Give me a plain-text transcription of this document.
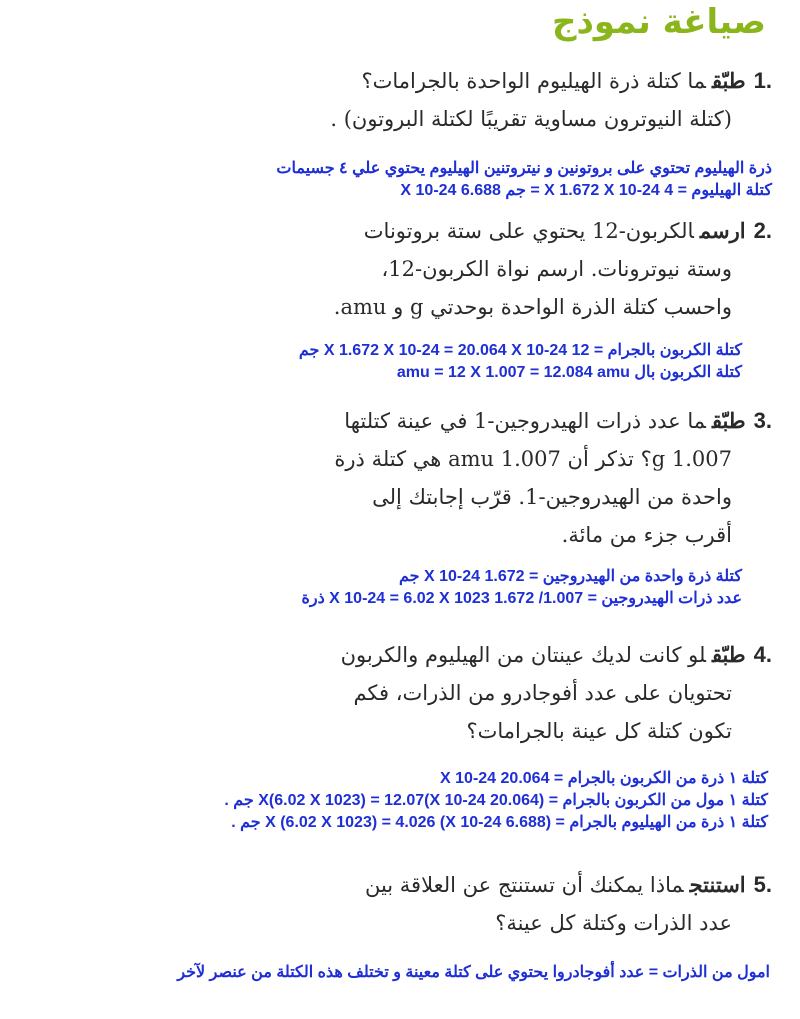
صياغة نموذج
.1طبّقما كتلة ذرة الهيليوم الواحدة بالجرامات؟
(كتلة النيوترون مساوية تقريبًا لكتلة البروتون) .
ذرة الهيليوم تحتوي على بروتونين و نيتروتنين الهيليوم يحتوي علي ٤ جسيمات
كتلة الهيليوم = 4 X 1.672 X 10-24 = جم 6.688 X 10-24
.2ارسمالكربون-12 يحتوي على ستة بروتونات
وستة نيوترونات. ارسم نواة الكربون-12،
واحسب كتلة الذرة الواحدة بوحدتي g و amu.
كتلة الكربون بالجرام = 12 X 1.672 X 10-24 = 20.064 X 10-24 جم
كتلة الكربون بال amu = 12 X 1.007 = 12.084 amu
.3طبّقما عدد ذرات الهيدروجين-1 في عينة كتلتها
1.007 g؟ تذكر أن 1.007 amu هي كتلة ذرة
واحدة من الهيدروجين-1. قرّب إجابتك إلى
أقرب جزء من مائة.
كتلة ذرة واحدة من الهيدروجين = 1.672 X 10-24 جم
عدد ذرات الهيدروجين = 1.007/ 1.672 X 10-24 = 6.02 X 1023 ذرة
.4طبّقلو كانت لديك عينتان من الهيليوم والكربون
تحتويان على عدد أفوجادرو من الذرات، فكم
تكون كتلة كل عينة بالجرامات؟
كتلة ١ ذرة من الكربون بالجرام = 20.064 X 10-24
كتلة ١ مول من الكربون بالجرام = (20.064 X 10-24)X(6.02 X 1023) = 12.07 جم .
كتلة ١ ذرة من الهيليوم بالجرام = (6.688 X 10-24) X (6.02 X 1023) = 4.026 جم .
.5استنتجماذا يمكنك أن تستنتج عن العلاقة بين
عدد الذرات وكتلة كل عينة؟
امول من الذرات = عدد أفوجادروا يحتوي على كتلة معينة و تختلف هذه الكتلة من عنصر لآخر
